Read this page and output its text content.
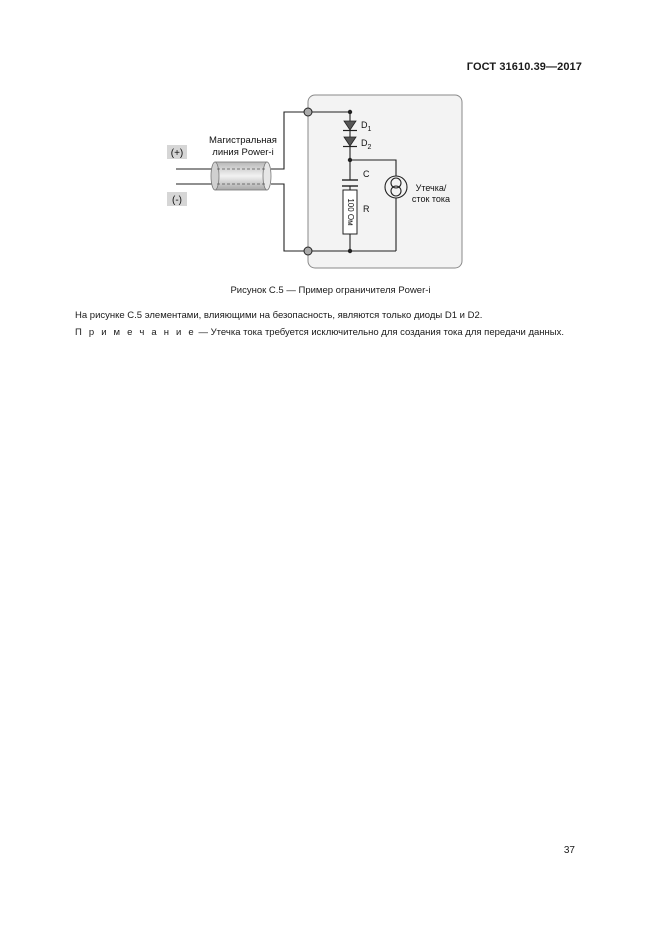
ГОСТ 31610.39—2017
(+)
(-)
Магистральная
линия Power-i
$D_1$
$D_2$
C
100 Ом R
Утечка/
сток тока
Рисунок С.5 — Пример ограничителя Power-i
На рисунке С.5 элементами, влияющими на безопасность, являются только диоды D1 и D2.
П р и м е ч а н и е — Утечка тока требуется исключительно для создания тока для передачи данных.
37
